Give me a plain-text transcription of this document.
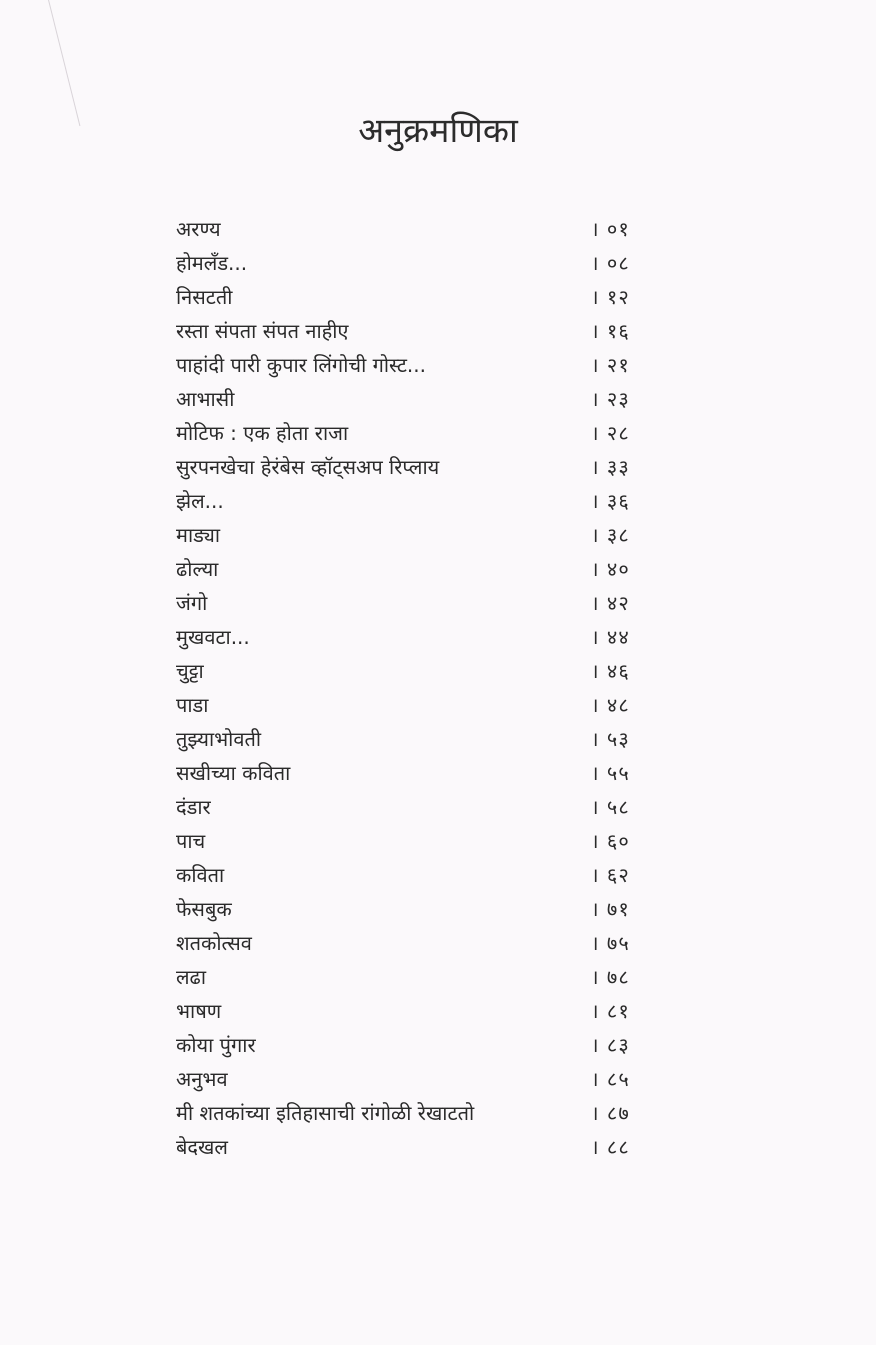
अनुक्रमणिका
अरण्य	। ०१
होमलँड...	। ०८
निसटती	। १२
रस्ता संपता संपत नाहीए	। १६
पाहांदी पारी कुपार लिंगोची गोस्ट...	। २१
आभासी	। २३
मोटिफ : एक होता राजा	। २८
सुरपनखेचा हेरंबेस व्हॉट्सअप रिप्लाय	। ३३
झेल...	। ३६
माड्या	। ३८
ढोल्या	। ४०
जंगो	। ४२
मुखवटा...	। ४४
चुट्टा	। ४६
पाडा	। ४८
तुझ्याभोवती	। ५३
सखीच्या कविता	। ५५
दंडार	। ५८
पाच	। ६०
कविता	। ६२
फेसबुक	। ७१
शतकोत्सव	। ७५
लढा	। ७८
भाषण	। ८१
कोया पुंगार	। ८३
अनुभव	। ८५
मी शतकांच्या इतिहासाची रांगोळी रेखाटतो	। ८७
बेदखल	। ८८
